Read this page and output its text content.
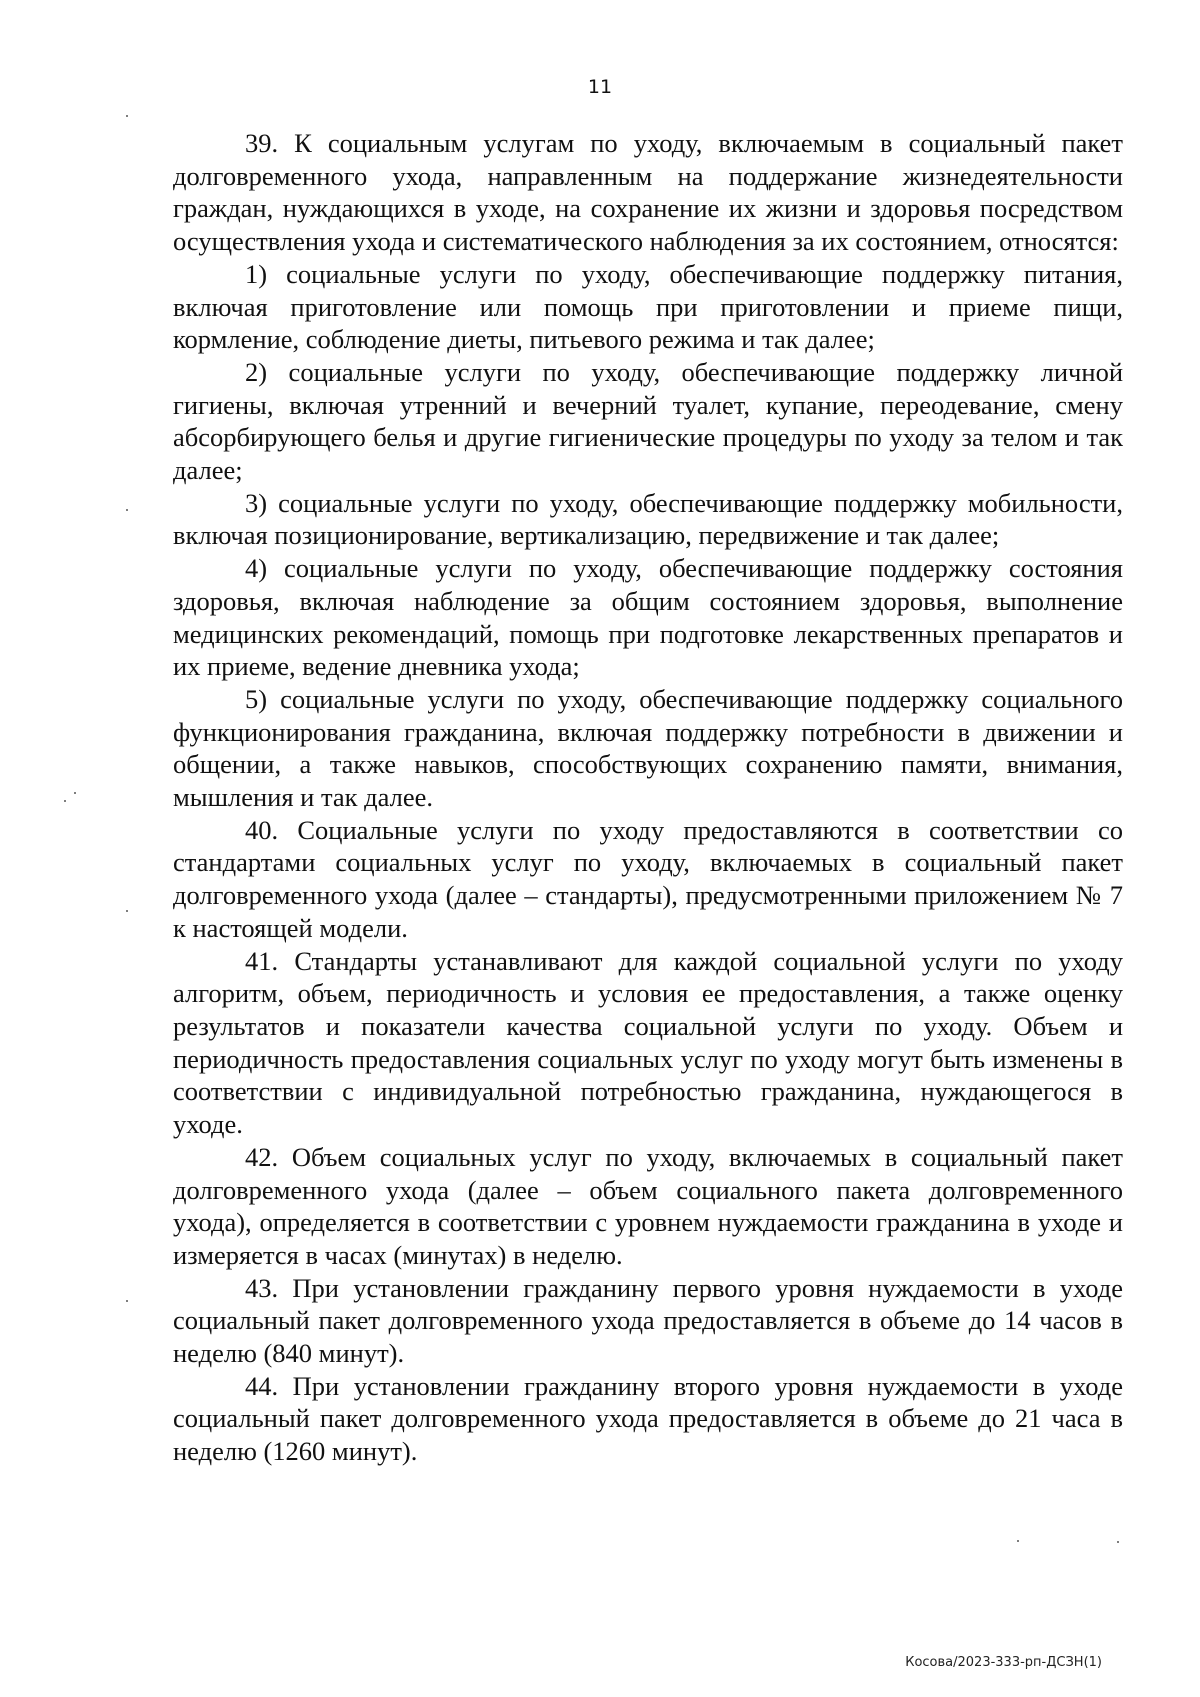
11

39. К социальным услугам по уходу, включаемым в социальный пакет долговременного ухода, направленным на поддержание жизнедеятельности граждан, нуждающихся в уходе, на сохранение их жизни и здоровья посредством осуществления ухода и систематического наблюдения за их состоянием, относятся:

1) социальные услуги по уходу, обеспечивающие поддержку питания, включая приготовление или помощь при приготовлении и приеме пищи, кормление, соблюдение диеты, питьевого режима и так далее;

2) социальные услуги по уходу, обеспечивающие поддержку личной гигиены, включая утренний и вечерний туалет, купание, переодевание, смену абсорбирующего белья и другие гигиенические процедуры по уходу за телом и так далее;

3) социальные услуги по уходу, обеспечивающие поддержку мобильности, включая позиционирование, вертикализацию, передвижение и так далее;

4) социальные услуги по уходу, обеспечивающие поддержку состояния здоровья, включая наблюдение за общим состоянием здоровья, выполнение медицинских рекомендаций, помощь при подготовке лекарственных препаратов и их приеме, ведение дневника ухода;

5) социальные услуги по уходу, обеспечивающие поддержку социального функционирования гражданина, включая поддержку потребности в движении и общении, а также навыков, способствующих сохранению памяти, внимания, мышления и так далее.

40. Социальные услуги по уходу предоставляются в соответствии со стандартами социальных услуг по уходу, включаемых в социальный пакет долговременного ухода (далее – стандарты), предусмотренными приложением № 7 к настоящей модели.

41. Стандарты устанавливают для каждой социальной услуги по уходу алгоритм, объем, периодичность и условия ее предоставления, а также оценку результатов и показатели качества социальной услуги по уходу. Объем и периодичность предоставления социальных услуг по уходу могут быть изменены в соответствии с индивидуальной потребностью гражданина, нуждающегося в уходе.

42. Объем социальных услуг по уходу, включаемых в социальный пакет долговременного ухода (далее – объем социального пакета долговременного ухода), определяется в соответствии с уровнем нуждаемости гражданина в уходе и измеряется в часах (минутах) в неделю.

43. При установлении гражданину первого уровня нуждаемости в уходе социальный пакет долговременного ухода предоставляется в объеме до 14 часов в неделю (840 минут).

44. При установлении гражданину второго уровня нуждаемости в уходе социальный пакет долговременного ухода предоставляется в объеме до 21 часа в неделю (1260 минут).

Косова/2023-333-рп-ДСЗН(1)
